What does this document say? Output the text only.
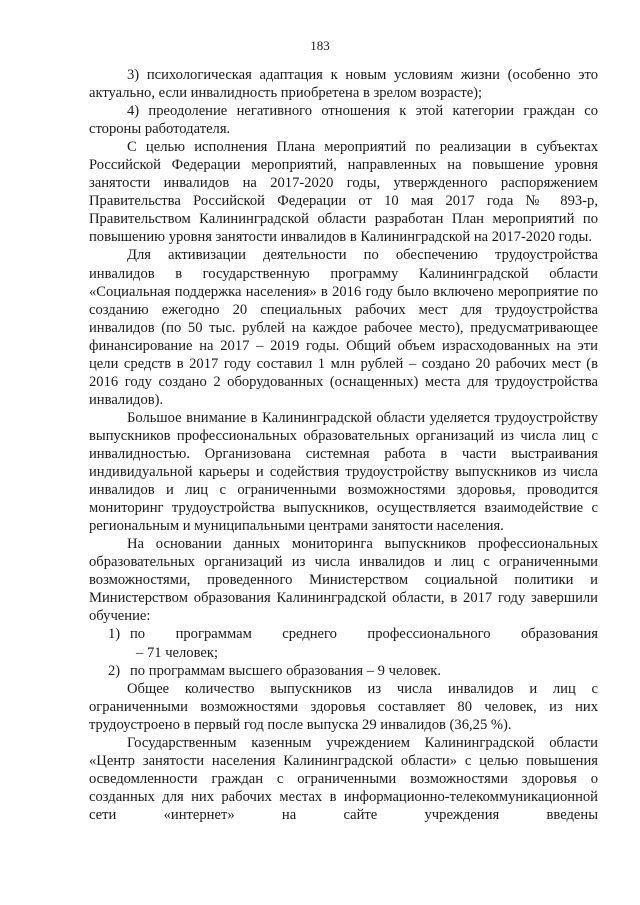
183

3) психологическая адаптация к новым условиям жизни (особенно это актуально, если инвалидность приобретена в зрелом возрасте);

4) преодоление негативного отношения к этой категории граждан со стороны работодателя.

С целью исполнения Плана мероприятий по реализации в субъектах Российской Федерации мероприятий, направленных на повышение уровня занятости инвалидов на 2017-2020 годы, утвержденного распоряжением Правительства Российской Федерации от 10 мая 2017 года № 893-р, Правительством Калининградской области разработан План мероприятий по повышению уровня занятости инвалидов в Калининградской на 2017-2020 годы.

Для активизации деятельности по обеспечению трудоустройства инвалидов в государственную программу Калининградской области «Социальная поддержка населения» в 2016 году было включено мероприятие по созданию ежегодно 20 специальных рабочих мест для трудоустройства инвалидов (по 50 тыс. рублей на каждое рабочее место), предусматривающее финансирование на 2017 – 2019 годы. Общий объем израсходованных на эти цели средств в 2017 году составил 1 млн рублей – создано 20 рабочих мест (в 2016 году создано 2 оборудованных (оснащенных) места для трудоустройства инвалидов).

Большое внимание в Калининградской области уделяется трудоустройству выпускников профессиональных образовательных организаций из числа лиц с инвалидностью. Организована системная работа в части выстраивания индивидуальной карьеры и содействия трудоустройству выпускников из числа инвалидов и лиц с ограниченными возможностями здоровья, проводится мониторинг трудоустройства выпускников, осуществляется взаимодействие с региональным и муниципальными центрами занятости населения.

На основании данных мониторинга выпускников профессиональных образовательных организаций из числа инвалидов и лиц с ограниченными возможностями, проведенного Министерством социальной политики и Министерством образования Калининградской области, в 2017 году завершили обучение:

1) по программам среднего профессионального образования
– 71 человек;
2) по программам высшего образования – 9 человек.

Общее количество выпускников из числа инвалидов и лиц с ограниченными возможностями здоровья составляет 80 человек, из них трудоустроено в первый год после выпуска 29 инвалидов (36,25 %).

Государственным казенным учреждением Калининградской области «Центр занятости населения Калининградской области» с целью повышения осведомленности граждан с ограниченными возможностями здоровья о созданных для них рабочих местах в информационно-телекоммуникационной сети «интернет» на сайте учреждения введены
